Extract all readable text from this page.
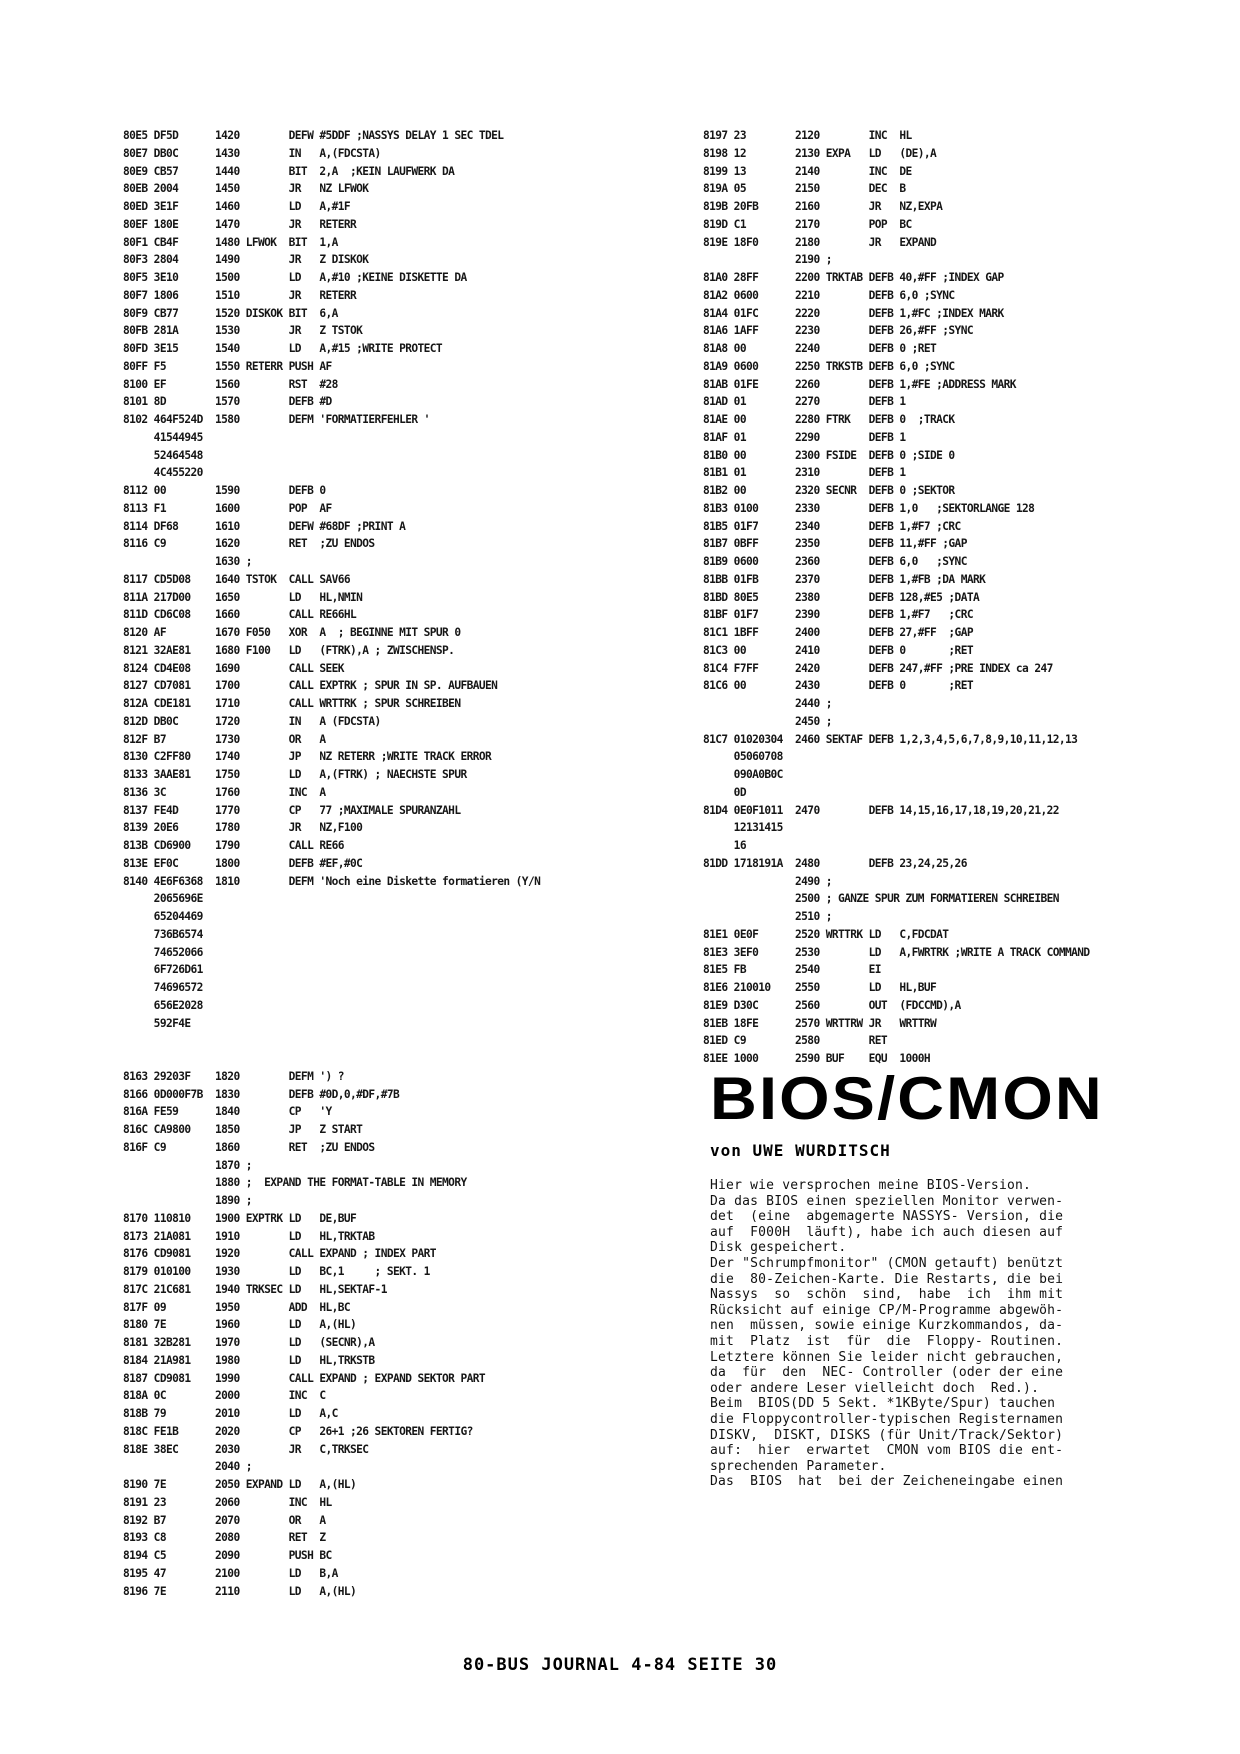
80E5 DF5D      1420        DEFW #5DDF ;NASSYS DELAY 1 SEC TDEL
80E7 DB0C      1430        IN   A,(FDCSTA)
80E9 CB57      1440        BIT  2,A  ;KEIN LAUFWERK DA
80EB 2004      1450        JR   NZ LFWOK
80ED 3E1F      1460        LD   A,#1F
80EF 180E      1470        JR   RETERR
80F1 CB4F      1480 LFWOK  BIT  1,A
80F3 2804      1490        JR   Z DISKOK
80F5 3E10      1500        LD   A,#10 ;KEINE DISKETTE DA
80F7 1806      1510        JR   RETERR
80F9 CB77      1520 DISKOK BIT  6,A
80FB 281A      1530        JR   Z TSTOK
80FD 3E15      1540        LD   A,#15 ;WRITE PROTECT
80FF F5        1550 RETERR PUSH AF
8100 EF        1560        RST  #28
8101 8D        1570        DEFB #D
8102 464F524D  1580        DEFM 'FORMATIERFEHLER '
41544945
52464548
4C455220
8112 00        1590        DEFB 0
8113 F1        1600        POP  AF
8114 DF68      1610        DEFW #68DF ;PRINT A
8116 C9        1620        RET  ;ZU ENDOS
1630 ;
8117 CD5D08    1640 TSTOK  CALL SAV66
811A 217D00    1650        LD   HL,NMIN
811D CD6C08    1660        CALL RE66HL
8120 AF        1670 F050   XOR  A  ; BEGINNE MIT SPUR 0
8121 32AE81    1680 F100   LD   (FTRK),A ; ZWISCHENSP.
8124 CD4E08    1690        CALL SEEK
8127 CD7081    1700        CALL EXPTRK ; SPUR IN SP. AUFBAUEN
812A CDE181    1710        CALL WRTTRK ; SPUR SCHREIBEN
812D DB0C      1720        IN   A (FDCSTA)
812F B7        1730        OR   A
8130 C2FF80    1740        JP   NZ RETERR ;WRITE TRACK ERROR
8133 3AAE81    1750        LD   A,(FTRK) ; NAECHSTE SPUR
8136 3C        1760        INC  A
8137 FE4D      1770        CP   77 ;MAXIMALE SPURANZAHL
8139 20E6      1780        JR   NZ,F100
813B CD6900    1790        CALL RE66
813E EF0C      1800        DEFB #EF,#0C
8140 4E6F6368  1810        DEFM 'Noch eine Diskette formatieren (Y/N
2065696E
65204469
736B6574
74652066
6F726D61
74696572
656E2028
592F4E
8163 29203F    1820        DEFM ') ?
8166 0D000F7B  1830        DEFB #0D,0,#DF,#7B
816A FE59      1840        CP   'Y
816C CA9800    1850        JP   Z START
816F C9        1860        RET  ;ZU ENDOS
1870 ;
1880 ;  EXPAND THE FORMAT-TABLE IN MEMORY
1890 ;
8170 110810    1900 EXPTRK LD   DE,BUF
8173 21A081    1910        LD   HL,TRKTAB
8176 CD9081    1920        CALL EXPAND ; INDEX PART
8179 010100    1930        LD   BC,1     ; SEKT. 1
817C 21C681    1940 TRKSEC LD   HL,SEKTAF-1
817F 09        1950        ADD  HL,BC
8180 7E        1960        LD   A,(HL)
8181 32B281    1970        LD   (SECNR),A
8184 21A981    1980        LD   HL,TRKSTB
8187 CD9081    1990        CALL EXPAND ; EXPAND SEKTOR PART
818A 0C        2000        INC  C
818B 79        2010        LD   A,C
818C FE1B      2020        CP   26+1 ;26 SEKTOREN FERTIG?
818E 38EC      2030        JR   C,TRKSEC
2040 ;
8190 7E        2050 EXPAND LD   A,(HL)
8191 23        2060        INC  HL
8192 B7        2070        OR   A
8193 C8        2080        RET  Z
8194 C5        2090        PUSH BC
8195 47        2100        LD   B,A
8196 7E        2110        LD   A,(HL)
8197 23        2120        INC  HL
8198 12        2130 EXPA   LD   (DE),A
8199 13        2140        INC  DE
819A 05        2150        DEC  B
819B 20FB      2160        JR   NZ,EXPA
819D C1        2170        POP  BC
819E 18F0      2180        JR   EXPAND
2190 ;
81A0 28FF      2200 TRKTAB DEFB 40,#FF ;INDEX GAP
81A2 0600      2210        DEFB 6,0 ;SYNC
81A4 01FC      2220        DEFB 1,#FC ;INDEX MARK
81A6 1AFF      2230        DEFB 26,#FF ;SYNC
81A8 00        2240        DEFB 0 ;RET
81A9 0600      2250 TRKSTB DEFB 6,0 ;SYNC
81AB 01FE      2260        DEFB 1,#FE ;ADDRESS MARK
81AD 01        2270        DEFB 1
81AE 00        2280 FTRK   DEFB 0  ;TRACK
81AF 01        2290        DEFB 1
81B0 00        2300 FSIDE  DEFB 0 ;SIDE 0
81B1 01        2310        DEFB 1
81B2 00        2320 SECNR  DEFB 0 ;SEKTOR
81B3 0100      2330        DEFB 1,0   ;SEKTORLANGE 128
81B5 01F7      2340        DEFB 1,#F7 ;CRC
81B7 0BFF      2350        DEFB 11,#FF ;GAP
81B9 0600      2360        DEFB 6,0   ;SYNC
81BB 01FB      2370        DEFB 1,#FB ;DA MARK
81BD 80E5      2380        DEFB 128,#E5 ;DATA
81BF 01F7      2390        DEFB 1,#F7   ;CRC
81C1 1BFF      2400        DEFB 27,#FF  ;GAP
81C3 00        2410        DEFB 0       ;RET
81C4 F7FF      2420        DEFB 247,#FF ;PRE INDEX ca 247
81C6 00        2430        DEFB 0       ;RET
2440 ;
2450 ;
81C7 01020304  2460 SEKTAF DEFB 1,2,3,4,5,6,7,8,9,10,11,12,13
05060708
090A0B0C
0D
81D4 0E0F1011  2470        DEFB 14,15,16,17,18,19,20,21,22
12131415
16
81DD 1718191A  2480        DEFB 23,24,25,26
2490 ;
2500 ; GANZE SPUR ZUM FORMATIEREN SCHREIBEN
2510 ;
81E1 0E0F      2520 WRTTRK LD   C,FDCDAT
81E3 3EF0      2530        LD   A,FWRTRK ;WRITE A TRACK COMMAND
81E5 FB        2540        EI
81E6 210010    2550        LD   HL,BUF
81E9 D30C      2560        OUT  (FDCCMD),A
81EB 18FE      2570 WRTTRW JR   WRTTRW
81ED C9        2580        RET
81EE 1000      2590 BUF    EQU  1000H
BIOS/CMON
von UWE WURDITSCH
Hier wie versprochen meine BIOS-Version.
Da das BIOS einen speziellen Monitor verwen-
det  (eine  abgemagerte NASSYS- Version, die
auf  F000H  läuft), habe ich auch diesen auf
Disk gespeichert.
Der "Schrumpfmonitor" (CMON getauft) benützt
die  80-Zeichen-Karte. Die Restarts, die bei
Nassys  so  schön  sind,  habe  ich  ihm mit
Rücksicht auf einige CP/M-Programme abgewöh-
nen  müssen, sowie einige Kurzkommandos, da-
mit  Platz  ist  für  die  Floppy- Routinen.
Letztere können Sie leider nicht gebrauchen,
da  für  den  NEC- Controller (oder der eine
oder andere Leser vielleicht doch  Red.).
Beim  BIOS(DD 5 Sekt. *1KByte/Spur) tauchen
die Floppycontroller-typischen Registernamen
DISKV,  DISKT, DISKS (für Unit/Track/Sektor)
auf:  hier  erwartet  CMON vom BIOS die ent-
sprechenden Parameter.
Das  BIOS  hat  bei der Zeicheneingabe einen
80-BUS JOURNAL 4-84 SEITE 30
